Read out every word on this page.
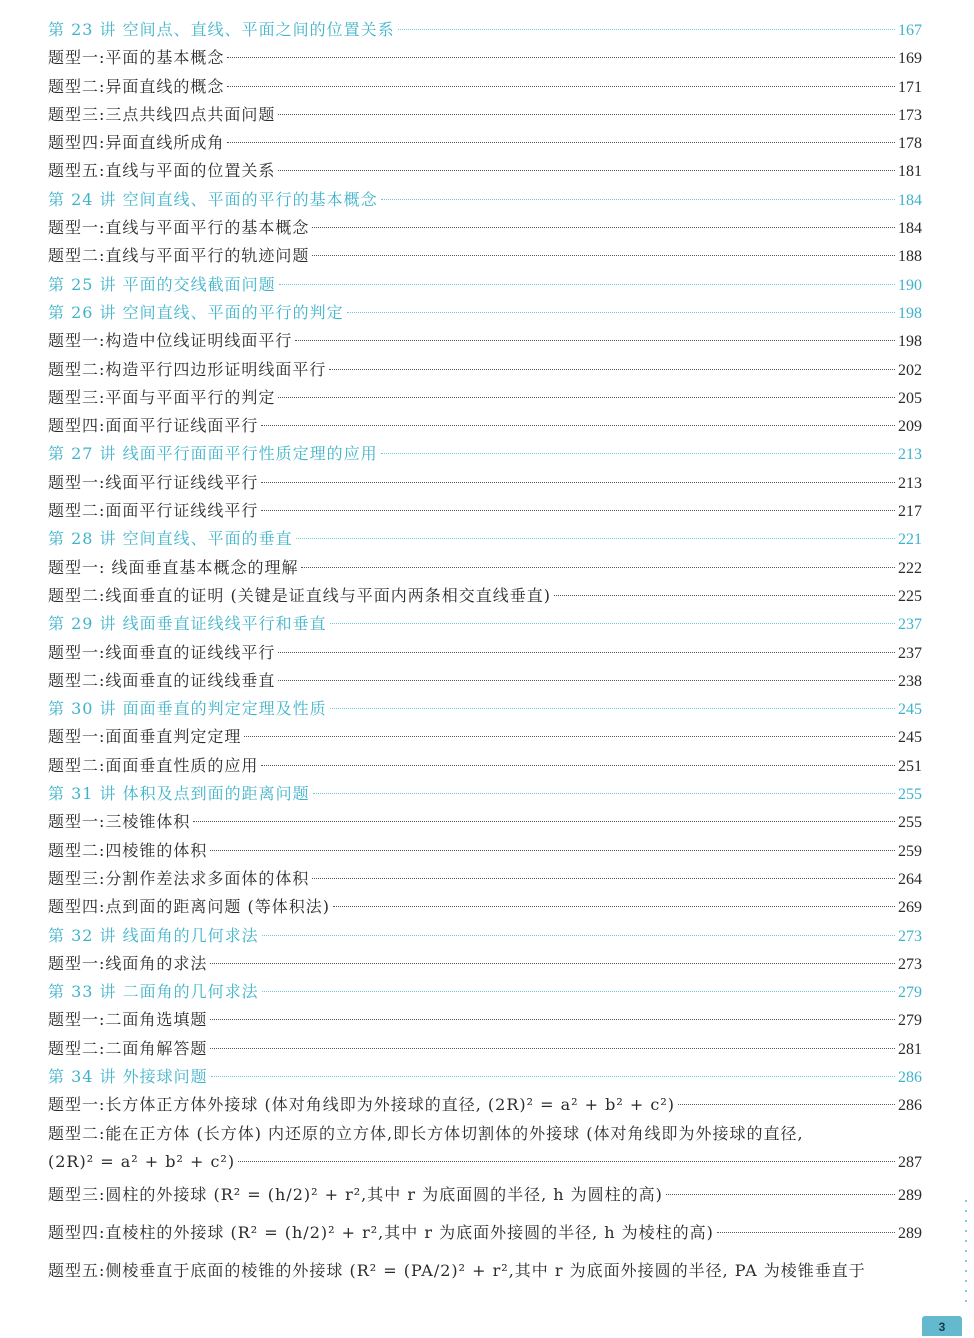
第 23 讲 空间点、直线、平面之间的位置关系	167
题型一:平面的基本概念	169
题型二:异面直线的概念	171
题型三:三点共线四点共面问题	173
题型四:异面直线所成角	178
题型五:直线与平面的位置关系	181
第 24 讲 空间直线、平面的平行的基本概念	184
题型一:直线与平面平行的基本概念	184
题型二:直线与平面平行的轨迹问题	188
第 25 讲 平面的交线截面问题	190
第 26 讲 空间直线、平面的平行的判定	198
题型一:构造中位线证明线面平行	198
题型二:构造平行四边形证明线面平行	202
题型三:平面与平面平行的判定	205
题型四:面面平行证线面平行	209
第 27 讲 线面平行面面平行性质定理的应用	213
题型一:线面平行证线线平行	213
题型二:面面平行证线线平行	217
第 28 讲 空间直线、平面的垂直	221
题型一: 线面垂直基本概念的理解	222
题型二:线面垂直的证明 (关键是证直线与平面内两条相交直线垂直)	225
第 29 讲 线面垂直证线线平行和垂直	237
题型一:线面垂直的证线线平行	237
题型二:线面垂直的证线线垂直	238
第 30 讲 面面垂直的判定定理及性质	245
题型一:面面垂直判定定理	245
题型二:面面垂直性质的应用	251
第 31 讲 体积及点到面的距离问题	255
题型一:三棱锥体积	255
题型二:四棱锥的体积	259
题型三:分割作差法求多面体的体积	264
题型四:点到面的距离问题 (等体积法)	269
第 32 讲 线面角的几何求法	273
题型一:线面角的求法	273
第 33 讲 二面角的几何求法	279
题型一:二面角选填题	279
题型二:二面角解答题	281
第 34 讲 外接球问题	286
题型一:长方体正方体外接球 (体对角线即为外接球的直径, (2R)² = a² + b² + c²)	286
题型二:能在正方体 (长方体) 内还原的立方体,即长方体切割体的外接球 (体对角线即为外接球的直径,
(2R)² = a² + b² + c²)	287
题型三:圆柱的外接球 (R² = (h/2)² + r²,其中 r 为底面圆的半径, h 为圆柱的高)	289
题型四:直棱柱的外接球 (R² = (h/2)² + r²,其中 r 为底面外接圆的半径, h 为棱柱的高)	289
题型五:侧棱垂直于底面的棱锥的外接球 (R² = (PA/2)² + r²,其中 r 为底面外接圆的半径, PA 为棱锥垂直于
3
